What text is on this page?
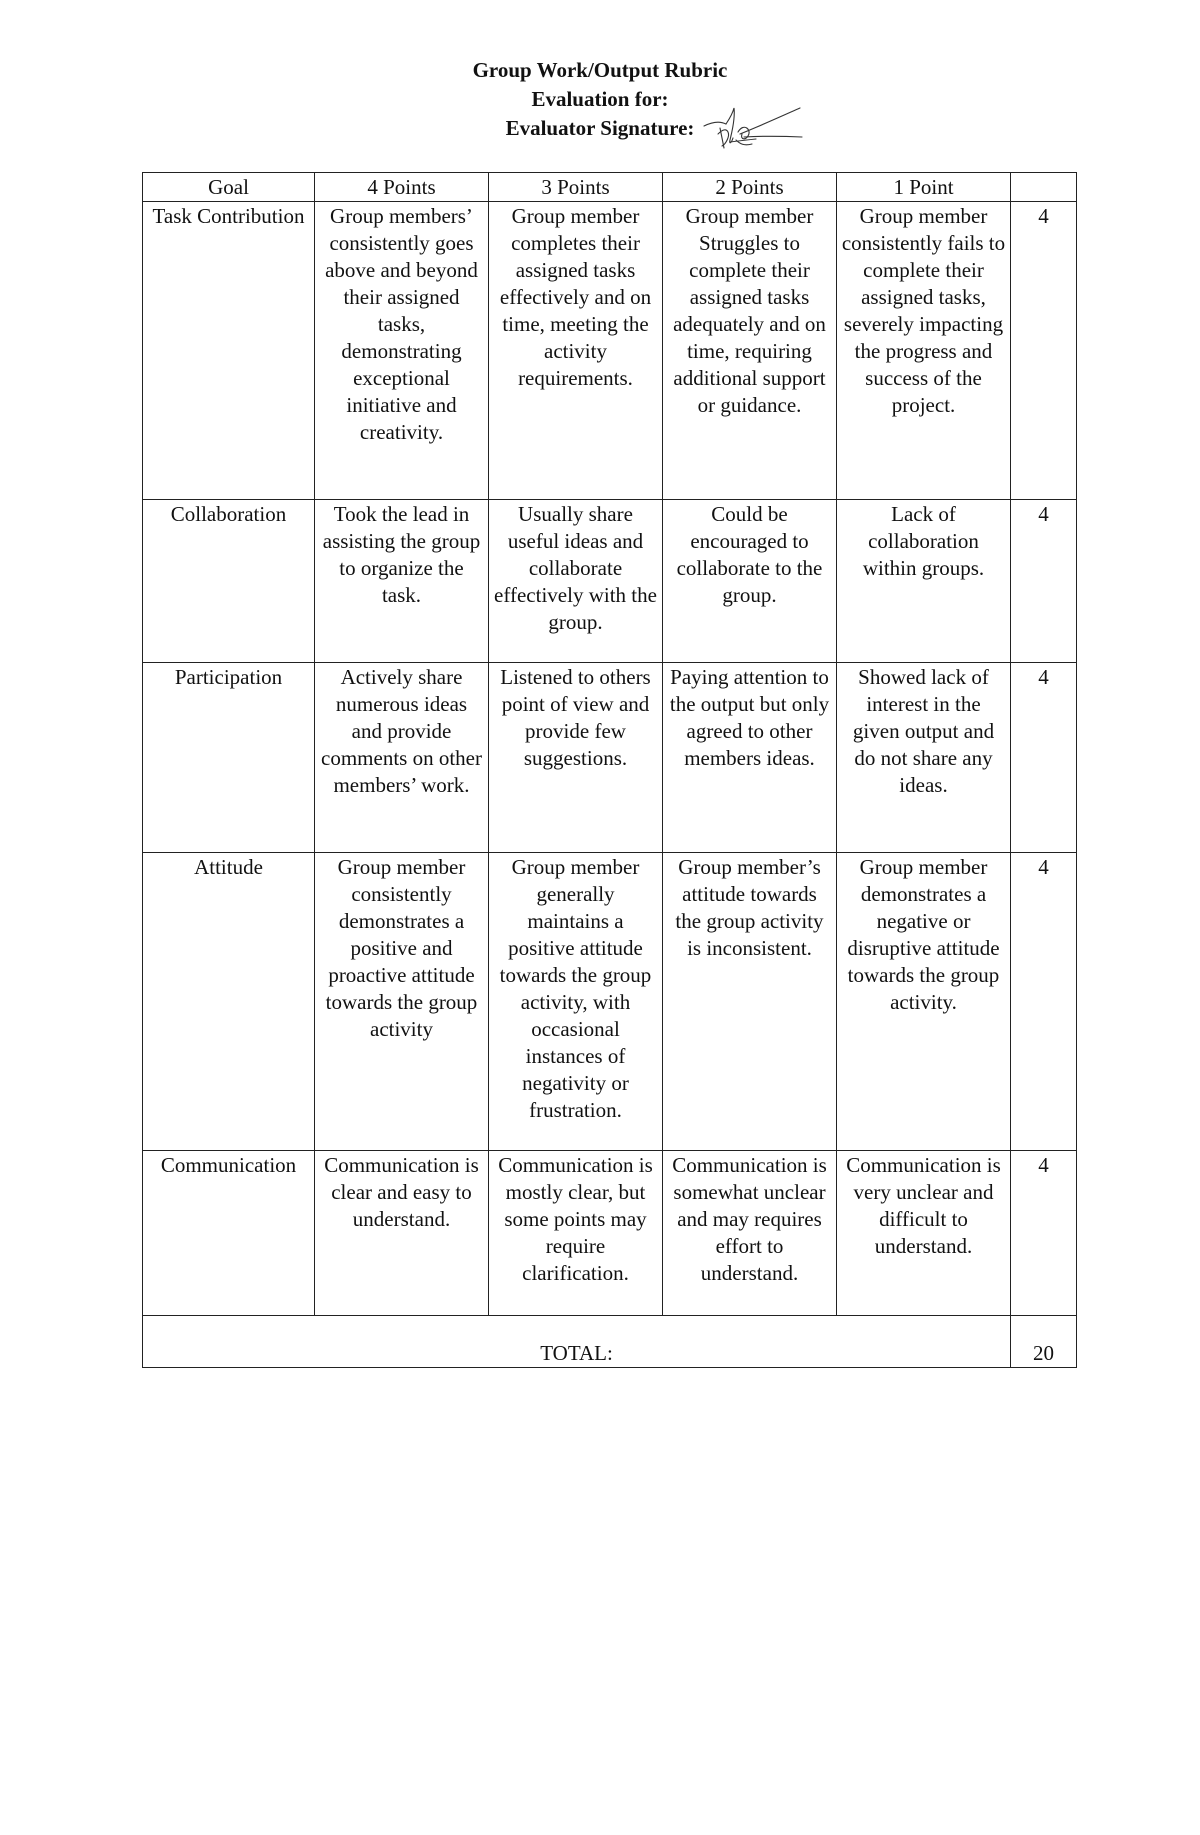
Group Work/Output Rubric
Evaluation for:
Evaluator Signature:
Goal	4 Points	3 Points	2 Points	1 Point	
Task Contribution	Group members’ consistently goes above and beyond their assigned tasks, demonstrating exceptional initiative and creativity.	Group member completes their assigned tasks effectively and on time, meeting the activity requirements.	Group member Struggles to complete their assigned tasks adequately and on time, requiring additional support or guidance.	Group member consistently fails to complete their assigned tasks, severely impacting the progress and success of the project.	4
Collaboration	Took the lead in assisting the group to organize the task.	Usually share useful ideas and collaborate effectively with the group.	Could be encouraged to collaborate to the group.	Lack of collaboration within groups.	4
Participation	Actively share numerous ideas and provide comments on other members’ work.	Listened to others point of view and provide few suggestions.	Paying attention to the output but only agreed to other members ideas.	Showed lack of interest in the given output and do not share any ideas.	4
Attitude	Group member consistently demonstrates a positive and proactive attitude towards the group activity	Group member generally maintains a positive attitude towards the group activity, with occasional instances of negativity or frustration.	Group member’s attitude towards the group activity is inconsistent.	Group member demonstrates a negative or disruptive attitude towards the group activity.	4
Communication	Communication is clear and easy to understand.	Communication is mostly clear, but some points may require clarification.	Communication is somewhat unclear and may requires effort to understand.	Communication is very unclear and difficult to understand.	4
TOTAL:					20
